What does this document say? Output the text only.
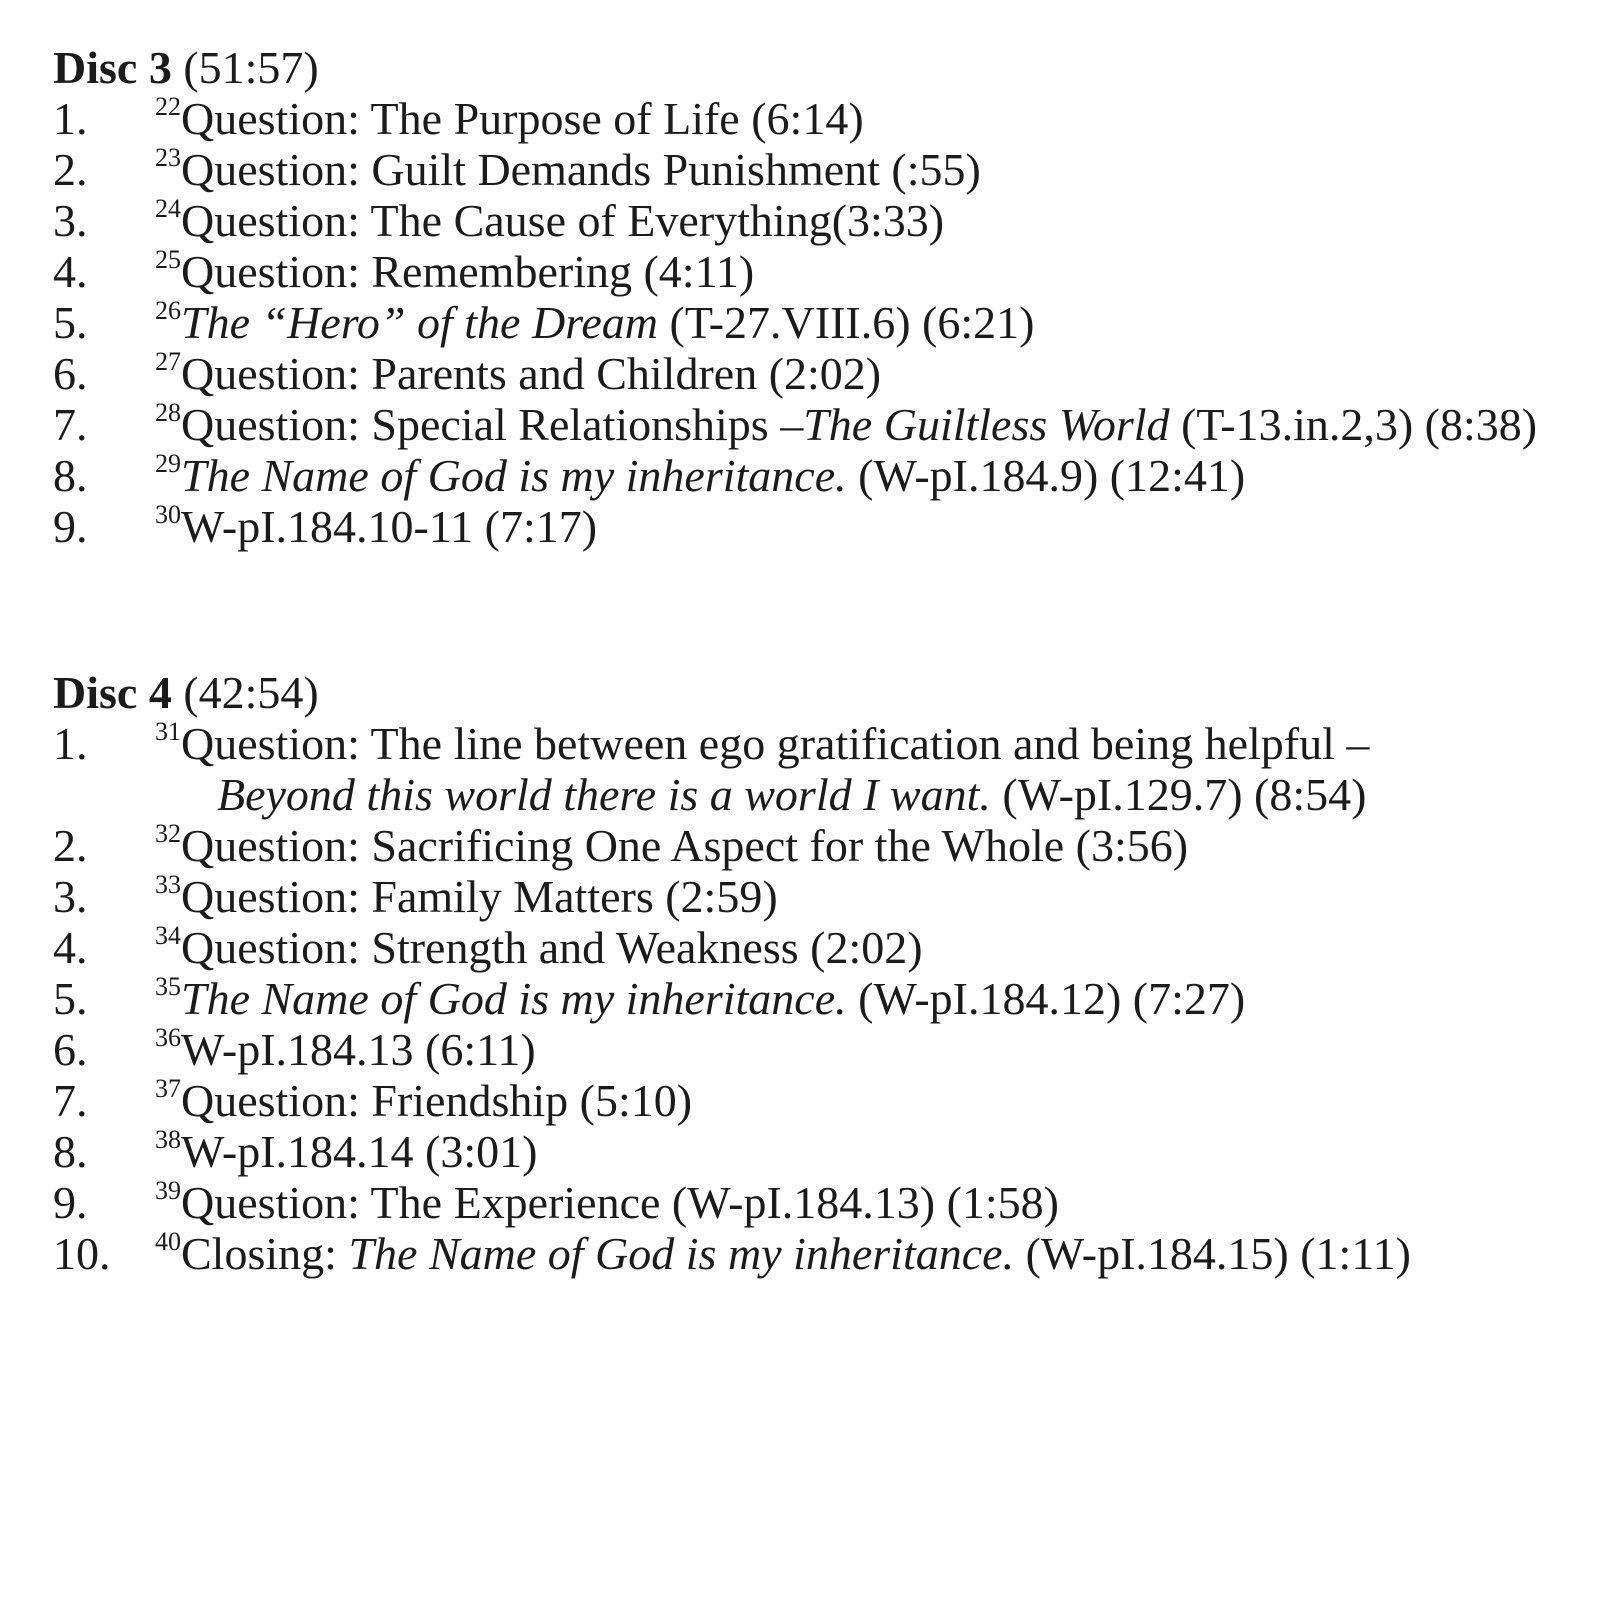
Disc 3 (51:57)
1.	$^{22}$Question: The Purpose of Life (6:14)
2.	$^{23}$Question: Guilt Demands Punishment (:55)
3.	$^{24}$Question: The Cause of Everything(3:33)
4.	$^{25}$Question: Remembering (4:11)
5.	$^{26}$The “Hero” of the Dream (T-27.VIII.6) (6:21)
6.	$^{27}$Question: Parents and Children (2:02)
7.	$^{28}$Question: Special Relationships –The Guiltless World (T-13.in.2,3) (8:38)
8.	$^{29}$The Name of God is my inheritance. (W-pI.184.9) (12:41)
9.	$^{30}$W-pI.184.10-11 (7:17)
Disc 4 (42:54)
1.	$^{31}$Question: The line between ego gratification and being helpful –
Beyond this world there is a world I want. (W-pI.129.7) (8:54)
2.	$^{32}$Question: Sacrificing One Aspect for the Whole (3:56)
3.	$^{33}$Question: Family Matters (2:59)
4.	$^{34}$Question: Strength and Weakness (2:02)
5.	$^{35}$The Name of God is my inheritance. (W-pI.184.12) (7:27)
6.	$^{36}$W-pI.184.13 (6:11)
7.	$^{37}$Question: Friendship (5:10)
8.	$^{38}$W-pI.184.14 (3:01)
9.	$^{39}$Question: The Experience (W-pI.184.13) (1:58)
10.	$^{40}$Closing: The Name of God is my inheritance. (W-pI.184.15) (1:11)
